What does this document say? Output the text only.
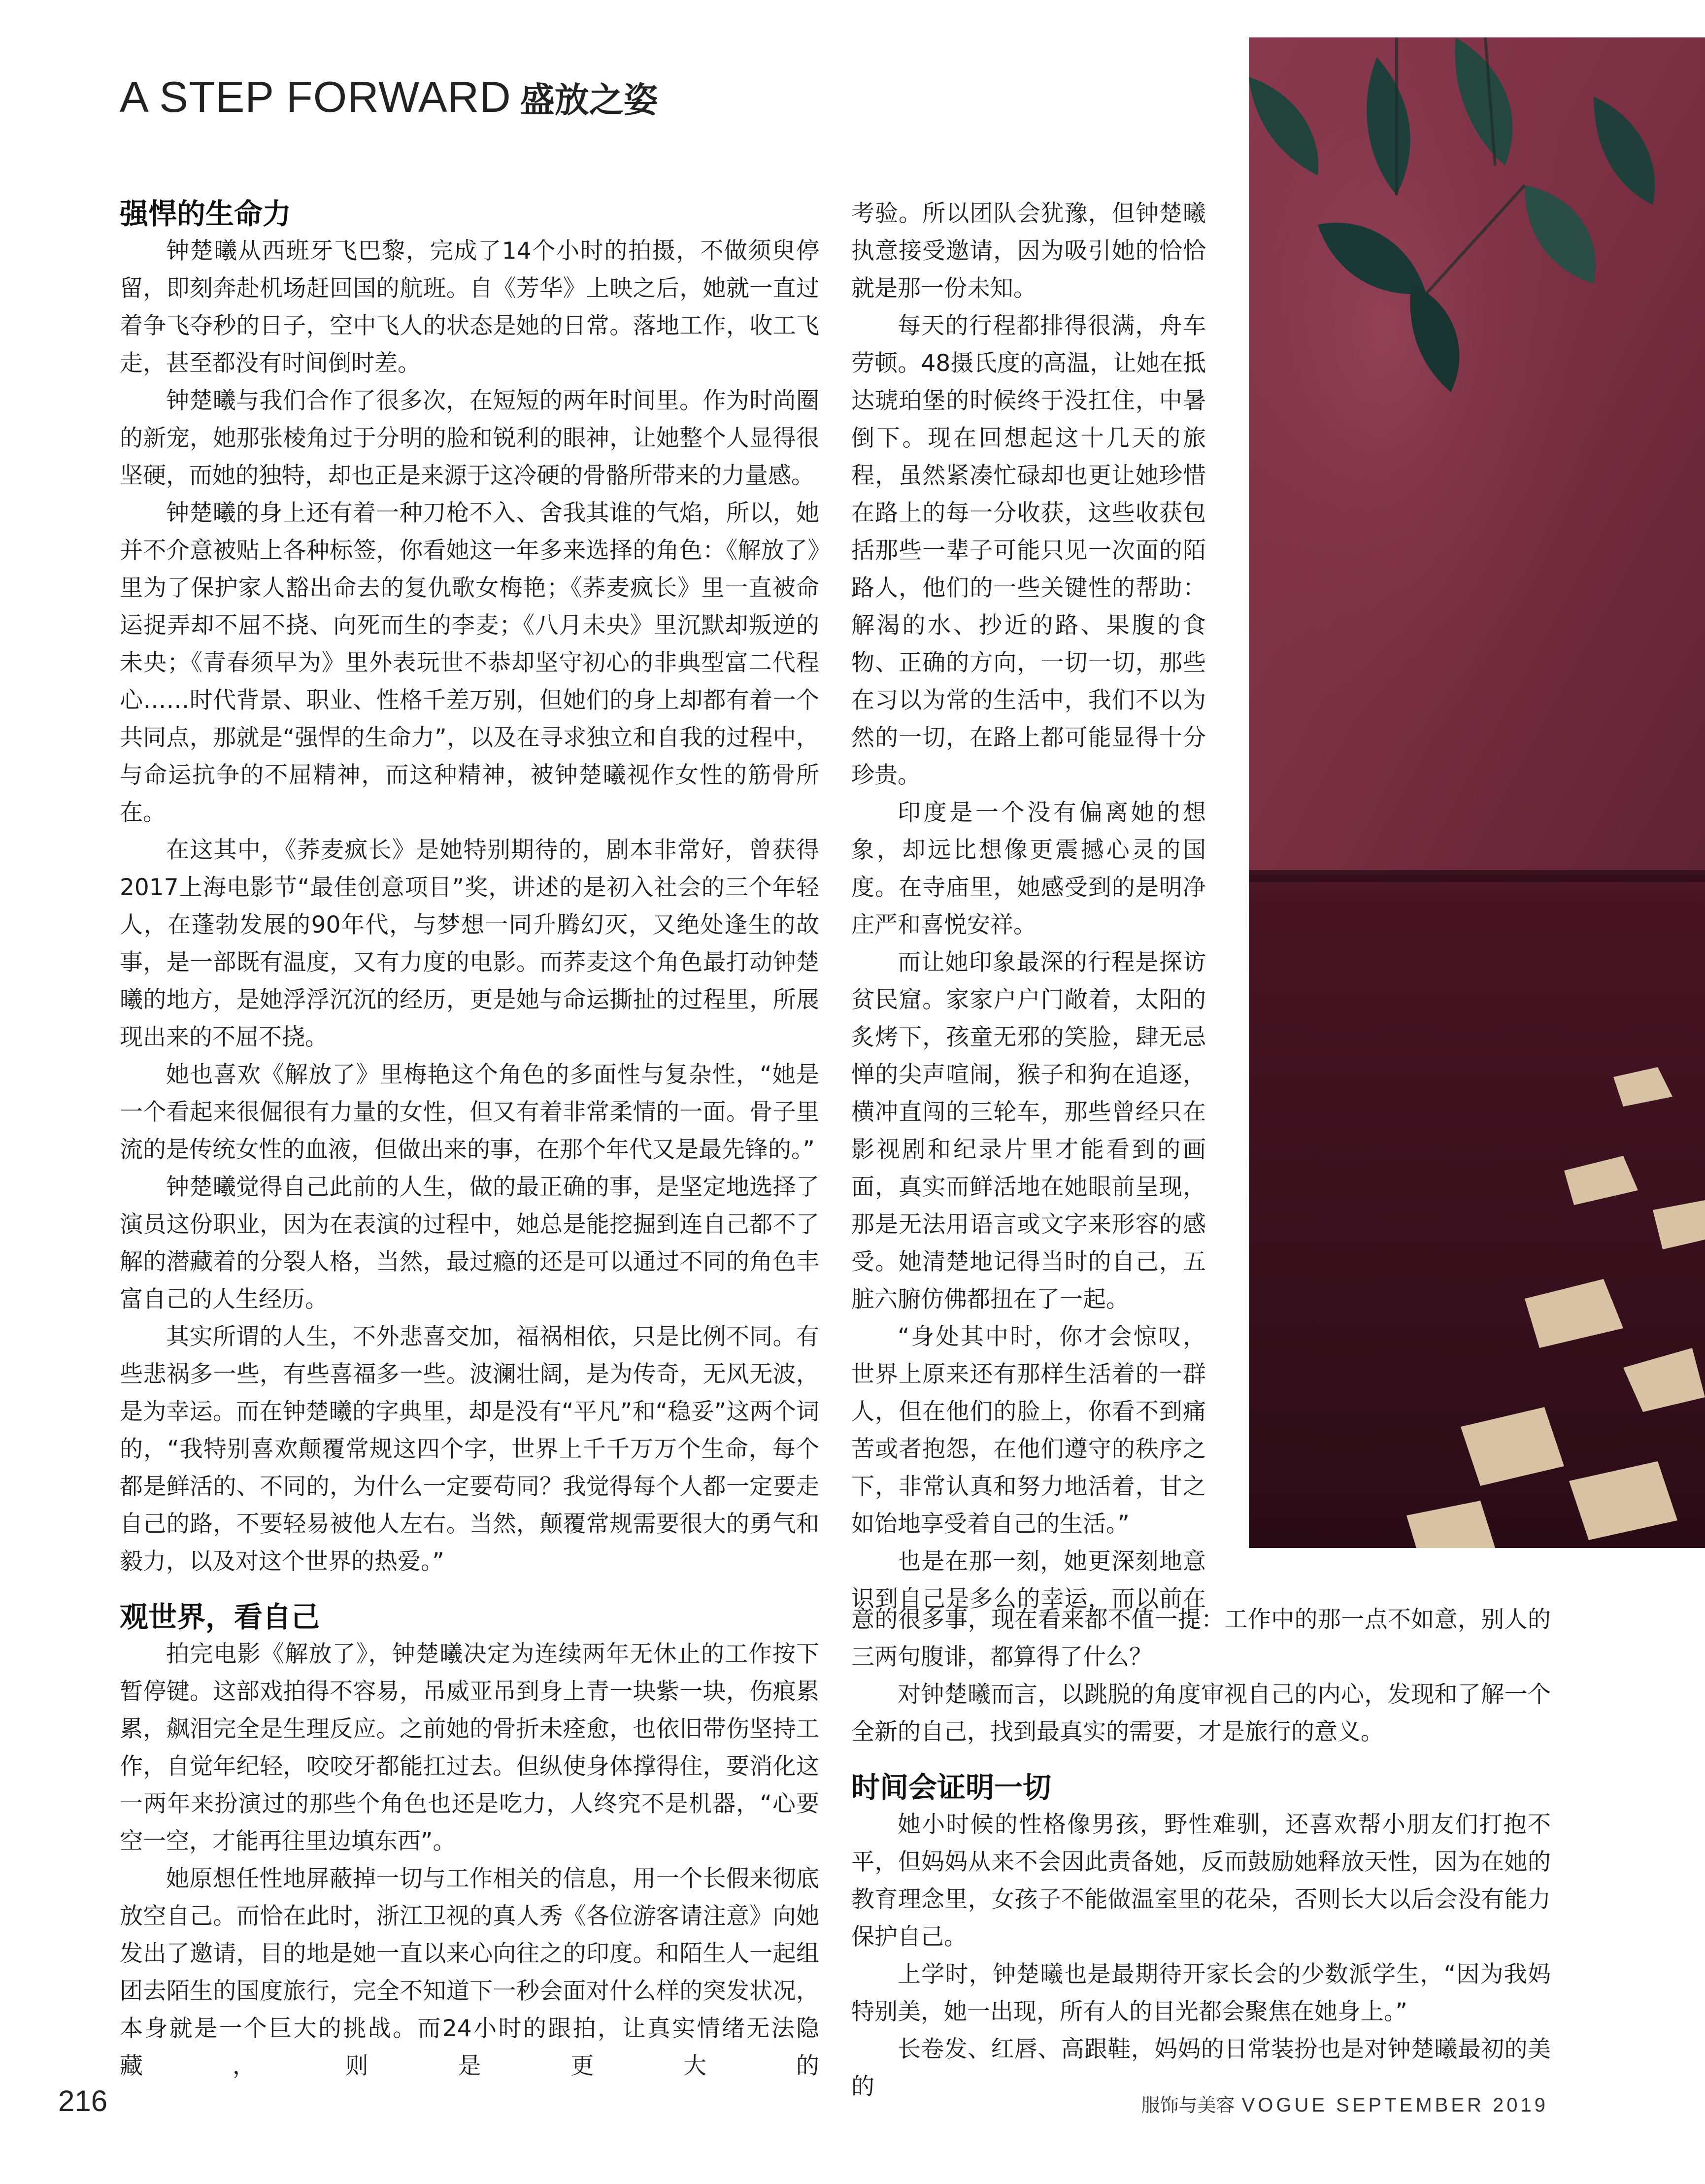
A STEP FORWARD 盛放之姿
强悍的生命力

钟楚曦从西班牙飞巴黎，完成了14个小时的拍摄，不做须臾停留，即刻奔赴机场赶回国的航班。自《芳华》上映之后，她就一直过着争飞夺秒的日子，空中飞人的状态是她的日常。落地工作，收工飞走，甚至都没有时间倒时差。

钟楚曦与我们合作了很多次，在短短的两年时间里。作为时尚圈的新宠，她那张棱角过于分明的脸和锐利的眼神，让她整个人显得很坚硬，而她的独特，却也正是来源于这冷硬的骨骼所带来的力量感。

钟楚曦的身上还有着一种刀枪不入、舍我其谁的气焰，所以，她并不介意被贴上各种标签，你看她这一年多来选择的角色：《解放了》里为了保护家人豁出命去的复仇歌女梅艳；《荞麦疯长》里一直被命运捉弄却不屈不挠、向死而生的李麦；《八月未央》里沉默却叛逆的未央；《青春须早为》里外表玩世不恭却坚守初心的非典型富二代程心……时代背景、职业、性格千差万别，但她们的身上却都有着一个共同点，那就是“强悍的生命力”，以及在寻求独立和自我的过程中，与命运抗争的不屈精神，而这种精神，被钟楚曦视作女性的筋骨所在。

在这其中，《荞麦疯长》是她特别期待的，剧本非常好，曾获得2017上海电影节“最佳创意项目”奖，讲述的是初入社会的三个年轻人，在蓬勃发展的90年代，与梦想一同升腾幻灭，又绝处逢生的故事，是一部既有温度，又有力度的电影。而荞麦这个角色最打动钟楚曦的地方，是她浮浮沉沉的经历，更是她与命运撕扯的过程里，所展现出来的不屈不挠。

她也喜欢《解放了》里梅艳这个角色的多面性与复杂性，“她是一个看起来很倔很有力量的女性，但又有着非常柔情的一面。骨子里流的是传统女性的血液，但做出来的事，在那个年代又是最先锋的。”

钟楚曦觉得自己此前的人生，做的最正确的事，是坚定地选择了演员这份职业，因为在表演的过程中，她总是能挖掘到连自己都不了解的潜藏着的分裂人格，当然，最过瘾的还是可以通过不同的角色丰富自己的人生经历。

其实所谓的人生，不外悲喜交加，福祸相依，只是比例不同。有些悲祸多一些，有些喜福多一些。波澜壮阔，是为传奇，无风无波，是为幸运。而在钟楚曦的字典里，却是没有“平凡”和“稳妥”这两个词的，“我特别喜欢颠覆常规这四个字，世界上千千万万个生命，每个都是鲜活的、不同的，为什么一定要苟同？我觉得每个人都一定要走自己的路，不要轻易被他人左右。当然，颠覆常规需要很大的勇气和毅力，以及对这个世界的热爱。”

观世界，看自己

拍完电影《解放了》，钟楚曦决定为连续两年无休止的工作按下暂停键。这部戏拍得不容易，吊威亚吊到身上青一块紫一块，伤痕累累，飙泪完全是生理反应。之前她的骨折未痊愈，也依旧带伤坚持工作，自觉年纪轻，咬咬牙都能扛过去。但纵使身体撑得住，要消化这一两年来扮演过的那些个角色也还是吃力，人终究不是机器，“心要空一空，才能再往里边填东西”。

她原想任性地屏蔽掉一切与工作相关的信息，用一个长假来彻底放空自己。而恰在此时，浙江卫视的真人秀《各位游客请注意》向她发出了邀请，目的地是她一直以来心向往之的印度。和陌生人一起组团去陌生的国度旅行，完全不知道下一秒会面对什么样的突发状况，本身就是一个巨大的挑战。而24小时的跟拍，让真实情绪无法隐藏，则是更大的

考验。所以团队会犹豫，但钟楚曦执意接受邀请，因为吸引她的恰恰就是那一份未知。

每天的行程都排得很满，舟车劳顿。48摄氏度的高温，让她在抵达琥珀堡的时候终于没扛住，中暑倒下。现在回想起这十几天的旅程，虽然紧凑忙碌却也更让她珍惜在路上的每一分收获，这些收获包括那些一辈子可能只见一次面的陌路人，他们的一些关键性的帮助：解渴的水、抄近的路、果腹的食物、正确的方向，一切一切，那些在习以为常的生活中，我们不以为然的一切，在路上都可能显得十分珍贵。

印度是一个没有偏离她的想象，却远比想像更震撼心灵的国度。在寺庙里，她感受到的是明净庄严和喜悦安祥。

而让她印象最深的行程是探访贫民窟。家家户户门敞着，太阳的炙烤下，孩童无邪的笑脸，肆无忌惮的尖声喧闹，猴子和狗在追逐，横冲直闯的三轮车，那些曾经只在影视剧和纪录片里才能看到的画面，真实而鲜活地在她眼前呈现，那是无法用语言或文字来形容的感受。她清楚地记得当时的自己，五脏六腑仿佛都扭在了一起。

“身处其中时，你才会惊叹，世界上原来还有那样生活着的一群人，但在他们的脸上，你看不到痛苦或者抱怨，在他们遵守的秩序之下，非常认真和努力地活着，甘之如饴地享受着自己的生活。”

也是在那一刻，她更深刻地意识到自己是多么的幸运，而以前在

意的很多事，现在看来都不值一提：工作中的那一点不如意，别人的三两句腹诽，都算得了什么？

对钟楚曦而言，以跳脱的角度审视自己的内心，发现和了解一个全新的自己，找到最真实的需要，才是旅行的意义。

时间会证明一切

她小时候的性格像男孩，野性难驯，还喜欢帮小朋友们打抱不平，但妈妈从来不会因此责备她，反而鼓励她释放天性，因为在她的教育理念里，女孩子不能做温室里的花朵，否则长大以后会没有能力保护自己。

上学时，钟楚曦也是最期待开家长会的少数派学生，“因为我妈特别美，她一出现，所有人的目光都会聚焦在她身上。”

长卷发、红唇、高跟鞋，妈妈的日常装扮也是对钟楚曦最初的美的

216	服饰与美容 VOGUE SEPTEMBER 2019
